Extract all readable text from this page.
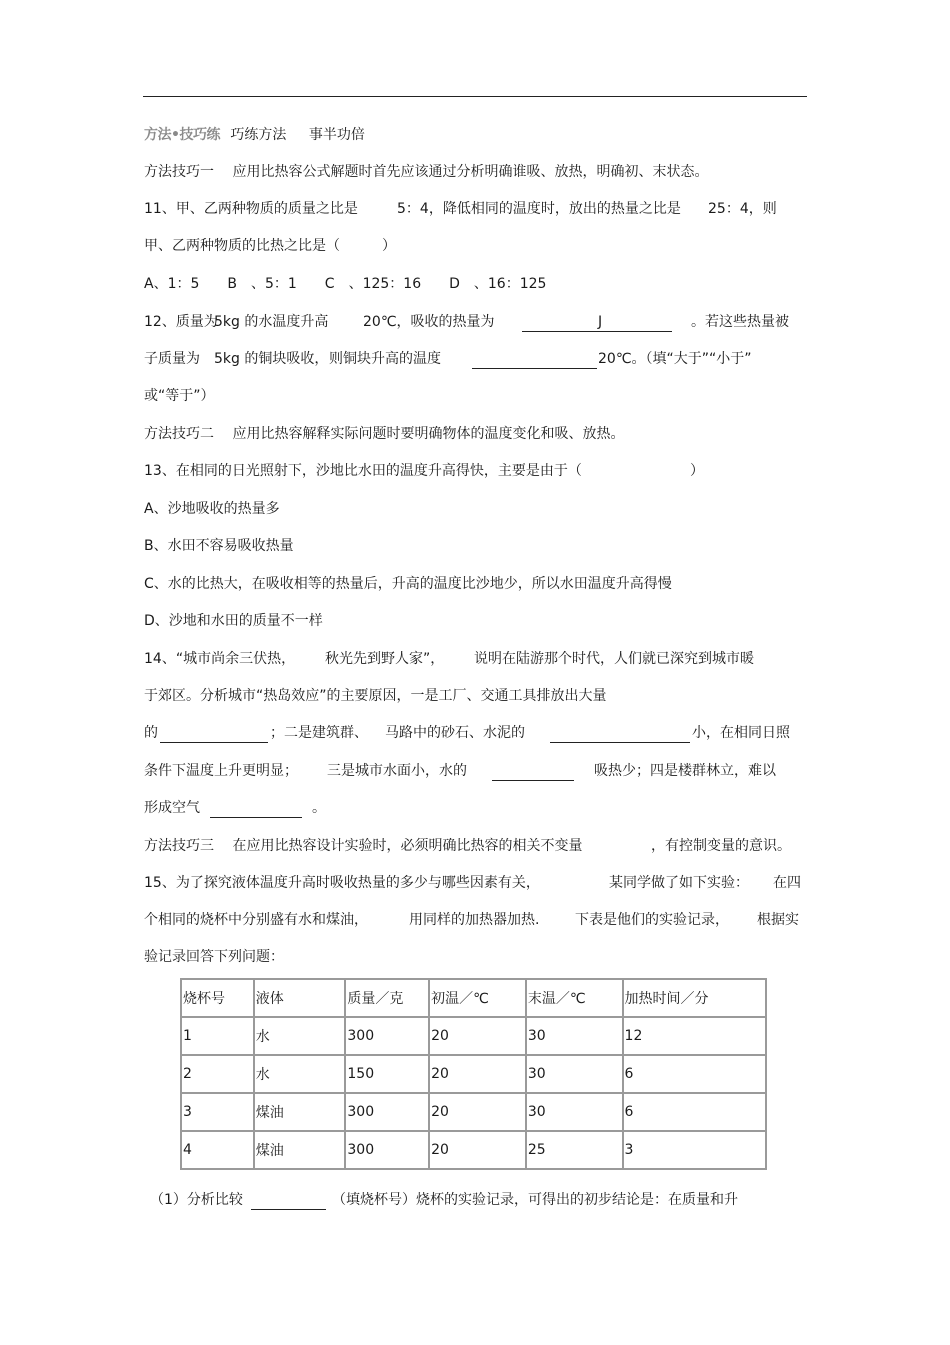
方法•技巧练 巧练方法 事半功倍
方法技巧一　 应用比热容公式解题时首先应该通过分析明确谁吸、放热，明确初、末状态。
11、甲、乙两种物质的质量之比是	5：4，降低相同的温度时，放出的热量之比是 25：4，则
甲、乙两种物质的比热之比是（　　　）
A、1：5　　B　、5：1　　C　、125：16　　D　、16：125
12、质量为
5kg 的水温度升高 20℃，吸收的热量为	J	。若这些热量被
子质量为 5kg 的铜块吸收， 则铜块升高的温度	20℃。（填“大于”“小于”
或“等于”）
方法技巧二　 应用比热容解释实际问题时要明确物体的温度变化和吸、放热。
13、在相同的日光照射下，沙地比水田的温度升高得快，主要是由于（	）
A、沙地吸收的热量多
B、水田不容易吸收热量
C、水的比热大，在吸收相等的热量后，升高的温度比沙地少，所以水田温度升高得慢
D、沙地和水田的质量不一样
14、“城市尚余三伏热， 秋光先到野人家”， 说明在陆游那个时代，人们就已深究到城市暖
于郊区。分析城市“热岛效应”的主要原因，一是工厂、交通工具排放出大量
的	；二是建筑群、 马路中的砂石、水泥的	小，在相同日照
条件下温度上升更明显； 三是城市水面小，水的	吸热少；四是楼群林立，难以
形成空气	。
方法技巧三　 在应用比热容设计实验时，必须明确比热容的相关不变量	，有控制变量的意识。
15、为了探究液体温度升高时吸收热量的多少与哪些因素有关，	某同学做了如下实验： 在四
个相同的烧杯中分别盛有水和煤油，	用同样的加热器加热.	下表是他们的实验记录， 根据实
验记录回答下列问题：
烧杯号	液体	质量／克	初温／℃	末温／℃	加热时间／分
1	水	300	20	30	12
2	水	150	20	30	6
3	煤油	300	20	30	6
4	煤油	300	20	25	3
（1）分析比较	（填烧杯号）烧杯的实验记录，可得出的初步结论是：在质量和升
